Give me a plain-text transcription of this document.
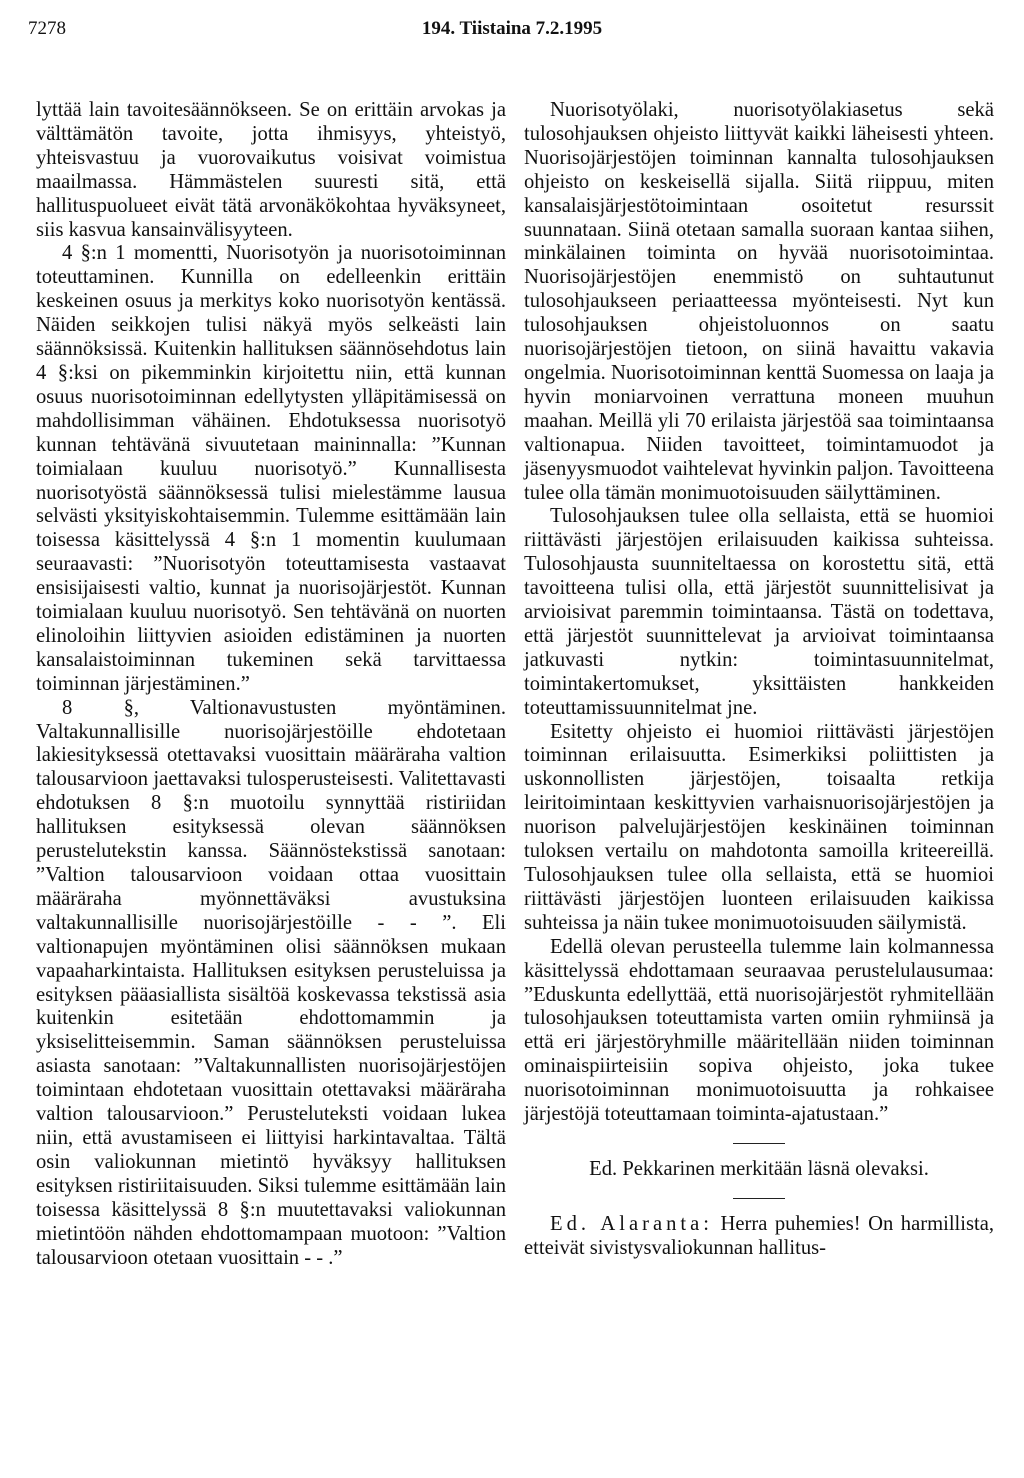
7278	194. Tiistaina 7.2.1995

lyttää lain tavoitesäännökseen. Se on erittäin arvokas ja välttämätön tavoite, jotta ihmisyys, yhteistyö, yhteisvastuu ja vuorovaikutus voisivat voimistua maailmassa. Hämmästelen suuresti sitä, että hallituspuolueet eivät tätä arvonäkökohtaa hyväksyneet, siis kasvua kansainvälisyyteen.

4 §:n 1 momentti, Nuorisotyön ja nuorisotoiminnan toteuttaminen. Kunnilla on edelleenkin erittäin keskeinen osuus ja merkitys koko nuorisotyön kentässä. Näiden seikkojen tulisi näkyä myös selkeästi lain säännöksissä. Kuitenkin hallituksen säännösehdotus lain 4 §:ksi on pikemminkin kirjoitettu niin, että kunnan osuus nuorisotoiminnan edellytysten ylläpitämisessä on mahdollisimman vähäinen. Ehdotuksessa nuorisotyö kunnan tehtävänä sivuutetaan maininnalla: ”Kunnan toimialaan kuuluu nuorisotyö.” Kunnallisesta nuorisotyöstä säännöksessä tulisi mielestämme lausua selvästi yksityiskohtaisemmin. Tulemme esittämään lain toisessa käsittelyssä 4 §:n 1 momentin kuulumaan seuraavasti: ”Nuorisotyön toteuttamisesta vastaavat ensisijaisesti valtio, kunnat ja nuorisojärjestöt. Kunnan toimialaan kuuluu nuorisotyö. Sen tehtävänä on nuorten elinoloihin liittyvien asioiden edistäminen ja nuorten kansalaistoiminnan tukeminen sekä tarvittaessa toiminnan järjestäminen.”

8 §, Valtionavustusten myöntäminen. Valtakunnallisille nuorisojärjestöille ehdotetaan lakiesityksessä otettavaksi vuosittain määräraha valtion talousarvioon jaettavaksi tulosperusteisesti. Valitettavasti ehdotuksen 8 §:n muotoilu synnyttää ristiriidan hallituksen esityksessä olevan säännöksen perustelutekstin kanssa. Säännöstekstissä sanotaan: ”Valtion talousarvioon voidaan ottaa vuosittain määräraha myönnettäväksi avustuksina valtakunnallisille nuorisojärjestöille - - ”. Eli valtionapujen myöntäminen olisi säännöksen mukaan vapaaharkintaista. Hallituksen esityksen perusteluissa ja esityksen pääasiallista sisältöä koskevassa tekstissä asia kuitenkin esitetään ehdottomammin ja yksiselitteisemmin. Saman säännöksen perusteluissa asiasta sanotaan: ”Valtakunnallisten nuorisojärjestöjen toimintaan ehdotetaan vuosittain otettavaksi määräraha valtion talousarvioon.” Perusteluteksti voidaan lukea niin, että avustamiseen ei liittyisi harkintavaltaa. Tältä osin valiokunnan mietintö hyväksyy hallituksen esityksen ristiriitaisuuden. Siksi tulemme esittämään lain toisessa käsittelyssä 8 §:n muutettavaksi valiokunnan mietintöön nähden ehdottomampaan muotoon: ”Valtion talousarvioon otetaan vuosittain - - .”

Nuorisotyölaki, nuorisotyölakiasetus sekä tulosohjauksen ohjeisto liittyvät kaikki läheisesti yhteen. Nuorisojärjestöjen toiminnan kannalta tulosohjauksen ohjeisto on keskeisellä sijalla. Siitä riippuu, miten kansalaisjärjestötoimintaan osoitetut resurssit suunnataan. Siinä otetaan samalla suoraan kantaa siihen, minkälainen toiminta on hyvää nuorisotoimintaa. Nuorisojärjestöjen enemmistö on suhtautunut tulosohjaukseen periaatteessa myönteisesti. Nyt kun tulosohjauksen ohjeistoluonnos on saatu nuorisojärjestöjen tietoon, on siinä havaittu vakavia ongelmia. Nuorisotoiminnan kenttä Suomessa on laaja ja hyvin moniarvoinen verrattuna moneen muuhun maahan. Meillä yli 70 erilaista järjestöä saa toimintaansa valtionapua. Niiden tavoitteet, toimintamuodot ja jäsenyysmuodot vaihtelevat hyvinkin paljon. Tavoitteena tulee olla tämän monimuotoisuuden säilyttäminen.

Tulosohjauksen tulee olla sellaista, että se huomioi riittävästi järjestöjen erilaisuuden kaikissa suhteissa. Tulosohjausta suunniteltaessa on korostettu sitä, että tavoitteena tulisi olla, että järjestöt suunnittelisivat ja arvioisivat paremmin toimintaansa. Tästä on todettava, että järjestöt suunnittelevat ja arvioivat toimintaansa jatkuvasti nytkin: toimintasuunnitelmat, toimintakertomukset, yksittäisten hankkeiden toteuttamissuunnitelmat jne.

Esitetty ohjeisto ei huomioi riittävästi järjestöjen toiminnan erilaisuutta. Esimerkiksi poliittisten ja uskonnollisten järjestöjen, toisaalta retkija leiritoimintaan keskittyvien varhaisnuorisojärjestöjen ja nuorison palvelujärjestöjen keskinäinen toiminnan tuloksen vertailu on mahdotonta samoilla kriteereillä. Tulosohjauksen tulee olla sellaista, että se huomioi riittävästi järjestöjen luonteen erilaisuuden kaikissa suhteissa ja näin tukee monimuotoisuuden säilymistä.

Edellä olevan perusteella tulemme lain kolmannessa käsittelyssä ehdottamaan seuraavaa perustelulausumaa: ”Eduskunta edellyttää, että nuorisojärjestöt ryhmitellään tulosohjauksen toteuttamista varten omiin ryhmiinsä ja että eri järjestöryhmille määritellään niiden toiminnan ominaispiirteisiin sopiva ohjeisto, joka tukee nuorisotoiminnan monimuotoisuutta ja rohkaisee järjestöjä toteuttamaan toiminta-ajatustaan.”

Ed. Pekkarinen merkitään läsnä olevaksi.

Ed. Alaranta: Herra puhemies! On harmillista, etteivät sivistysvaliokunnan hallitus-
